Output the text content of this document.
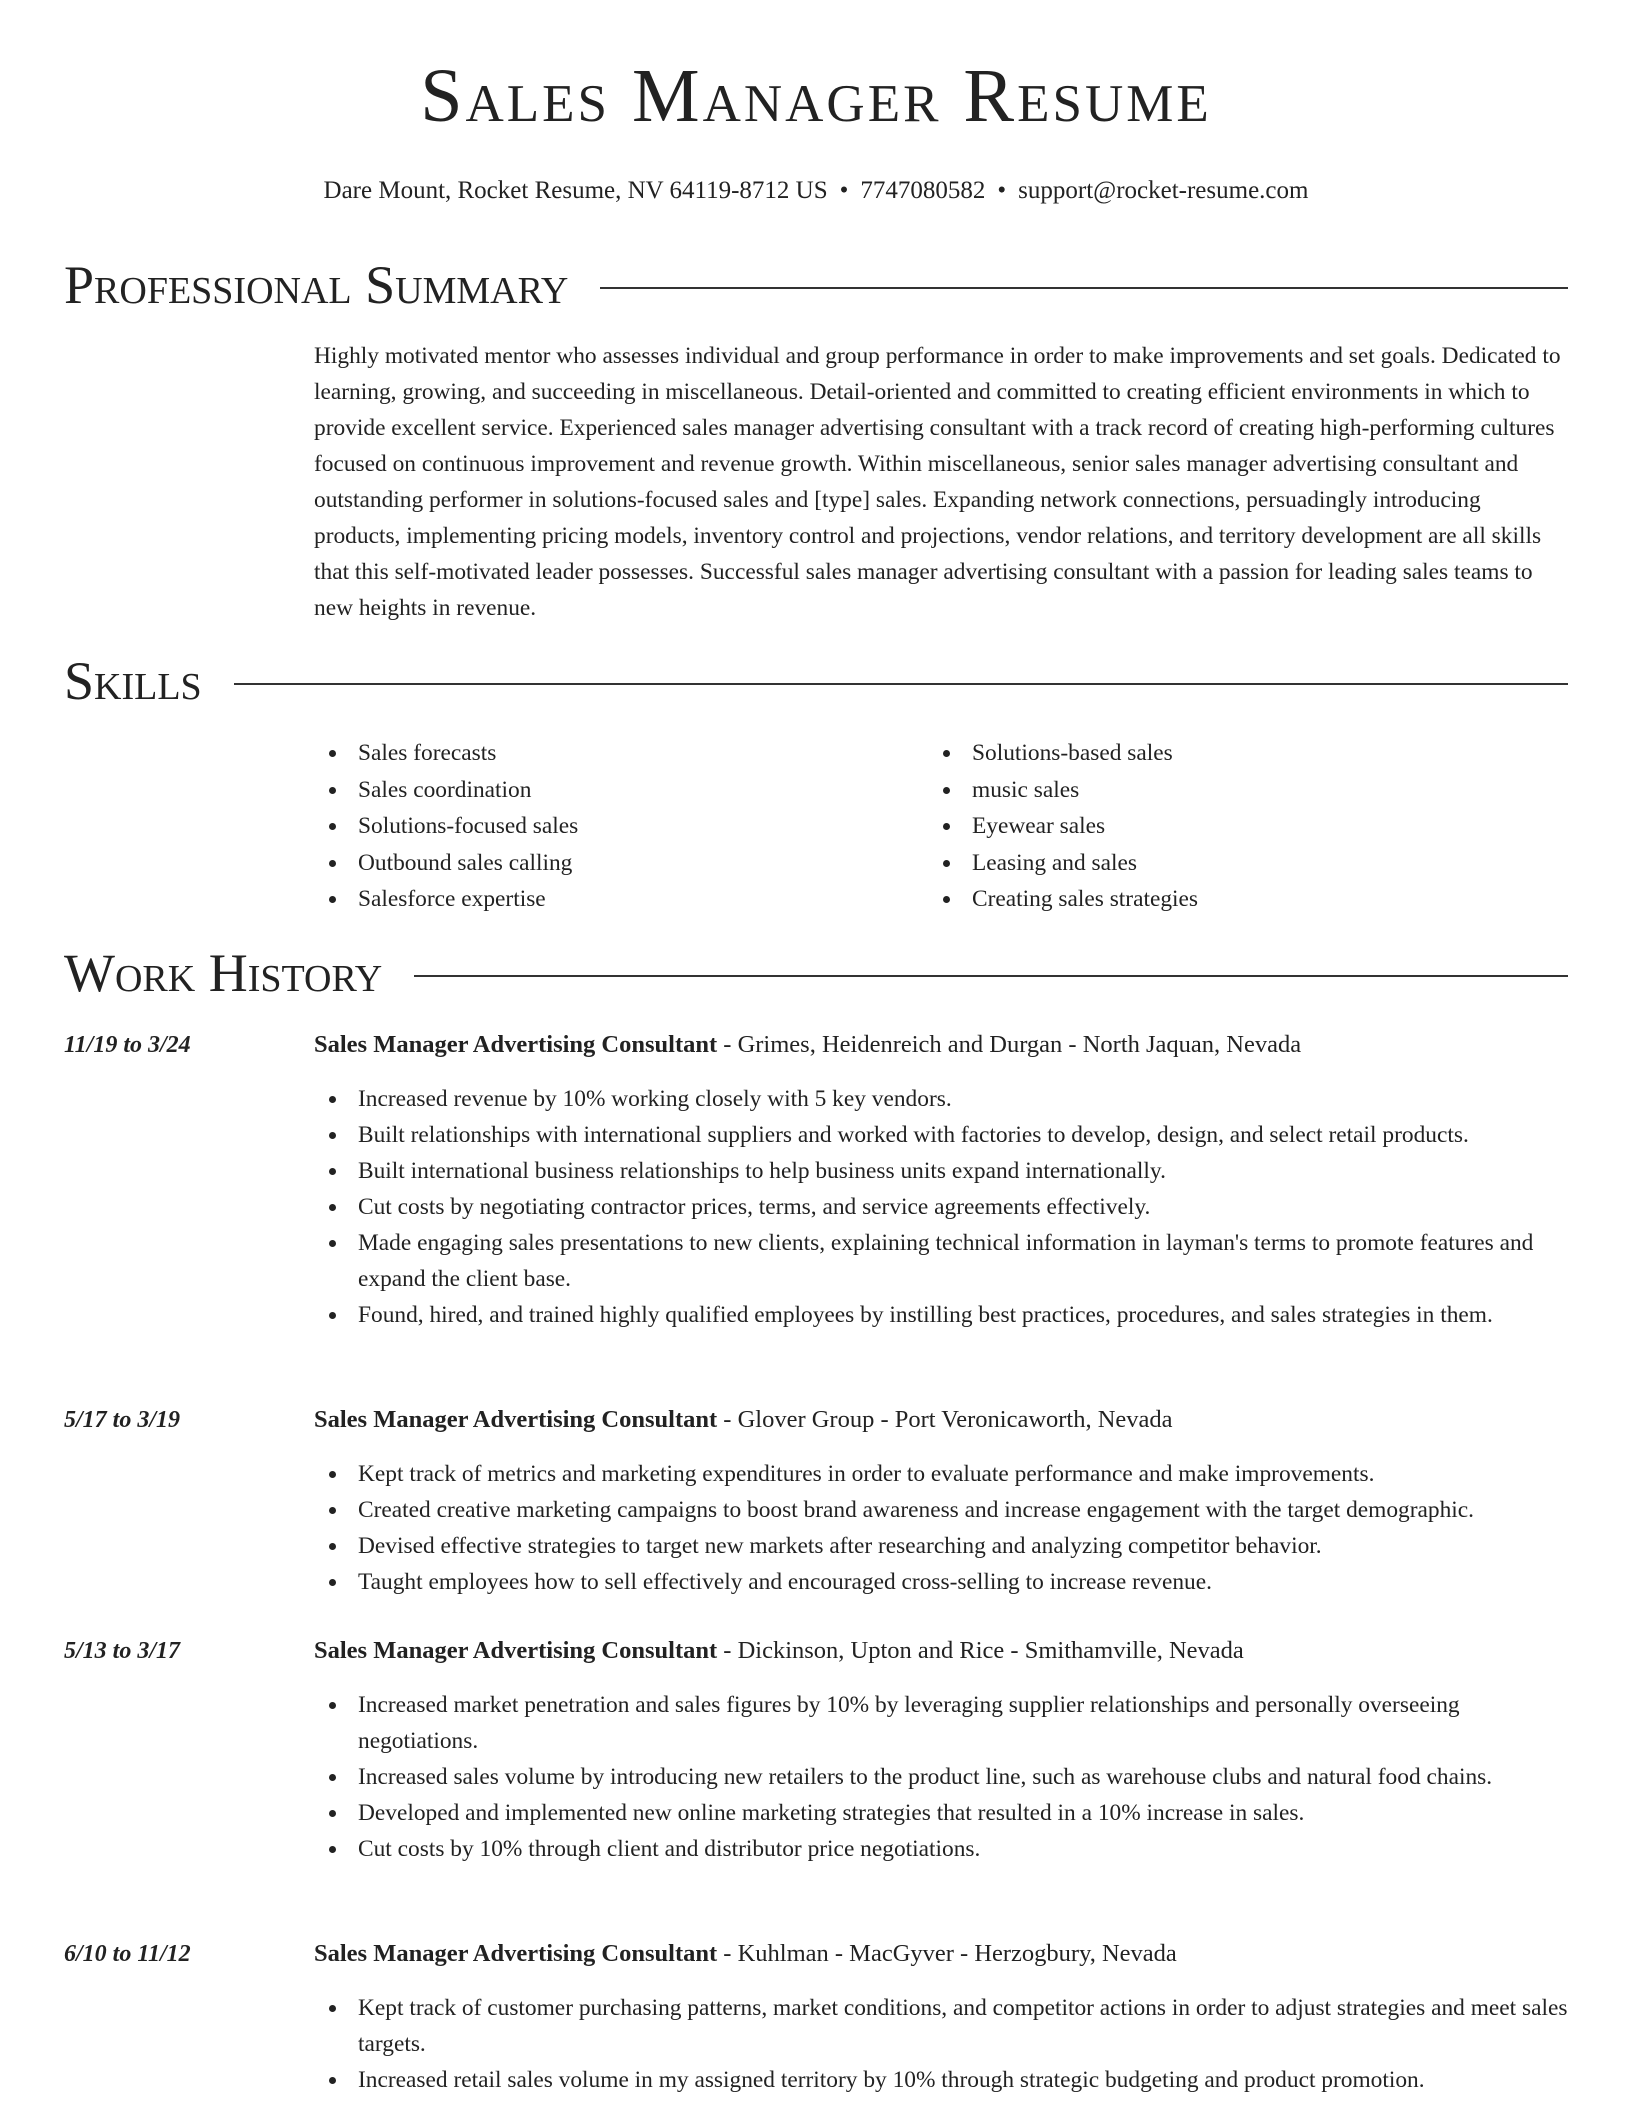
Sales Manager Resume
Dare Mount, Rocket Resume, NV 64119-8712 US • 7747080582 • support@rocket-resume.com
Professional Summary
Highly motivated mentor who assesses individual and group performance in order to make improvements and set goals. Dedicated to learning, growing, and succeeding in miscellaneous. Detail-oriented and committed to creating efficient environments in which to provide excellent service. Experienced sales manager advertising consultant with a track record of creating high-performing cultures focused on continuous improvement and revenue growth. Within miscellaneous, senior sales manager advertising consultant and outstanding performer in solutions-focused sales and [type] sales. Expanding network connections, persuadingly introducing products, implementing pricing models, inventory control and projections, vendor relations, and territory development are all skills that this self-motivated leader possesses. Successful sales manager advertising consultant with a passion for leading sales teams to new heights in revenue.
Skills
Sales forecasts
Sales coordination
Solutions-focused sales
Outbound sales calling
Salesforce expertise
Solutions-based sales
music sales
Eyewear sales
Leasing and sales
Creating sales strategies
Work History
11/19 to 3/24	Sales Manager Advertising Consultant - Grimes, Heidenreich and Durgan - North Jaquan, Nevada
Increased revenue by 10% working closely with 5 key vendors.
Built relationships with international suppliers and worked with factories to develop, design, and select retail products.
Built international business relationships to help business units expand internationally.
Cut costs by negotiating contractor prices, terms, and service agreements effectively.
Made engaging sales presentations to new clients, explaining technical information in layman's terms to promote features and expand the client base.
Found, hired, and trained highly qualified employees by instilling best practices, procedures, and sales strategies in them.
5/17 to 3/19	Sales Manager Advertising Consultant - Glover Group - Port Veronicaworth, Nevada
Kept track of metrics and marketing expenditures in order to evaluate performance and make improvements.
Created creative marketing campaigns to boost brand awareness and increase engagement with the target demographic.
Devised effective strategies to target new markets after researching and analyzing competitor behavior.
Taught employees how to sell effectively and encouraged cross-selling to increase revenue.
5/13 to 3/17	Sales Manager Advertising Consultant - Dickinson, Upton and Rice - Smithamville, Nevada
Increased market penetration and sales figures by 10% by leveraging supplier relationships and personally overseeing negotiations.
Increased sales volume by introducing new retailers to the product line, such as warehouse clubs and natural food chains.
Developed and implemented new online marketing strategies that resulted in a 10% increase in sales.
Cut costs by 10% through client and distributor price negotiations.
6/10 to 11/12	Sales Manager Advertising Consultant - Kuhlman - MacGyver - Herzogbury, Nevada
Kept track of customer purchasing patterns, market conditions, and competitor actions in order to adjust strategies and meet sales targets.
Increased retail sales volume in my assigned territory by 10% through strategic budgeting and product promotion.
